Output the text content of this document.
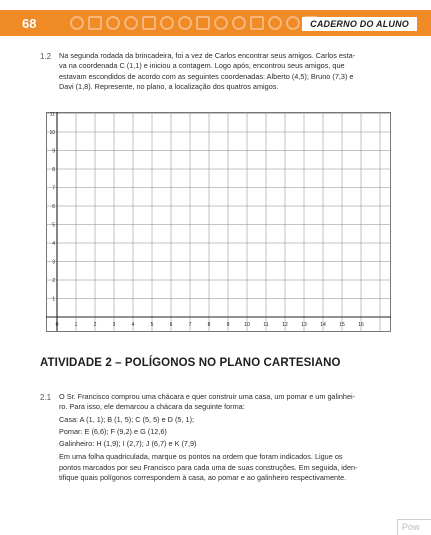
68	CADERNO DO ALUNO
1.2 Na segunda rodada da brincadeira, foi a vez de Carlos encontrar seus amigos. Carlos esta-
va na coordenada C (1,1) e iniciou a contagem. Logo após, encontrou seus amigos, que
estavam escondidos de acordo com as seguintes coordenadas: Alberto (4,5); Bruno (7,3) e
Davi (1,8). Represente, no plano, a localização dos quatros amigos.
0	1	2	3	4	5	6	7	8	9	10	11	12	13	14	15	16
1
2
3
4
5
6
7
8
9
10
11
ATIVIDADE 2 – POLÍGONOS NO PLANO CARTESIANO
2.1 O Sr. Francisco comprou uma chácara e quer construir uma casa, um pomar e um galinhei-
ro. Para isso, ele demarcou a chácara da seguinte forma:
Casa: A (1, 1); B (1, 5); C (5, 5) e D (5, 1);
Pomar: E (6,6); F (9,2) e G (12,6)
Galinheiro: H (1,9); I (2,7); J (6,7) e K (7,9)
Em uma folha quadriculada, marque os pontos na ordem que foram indicados. Ligue os
pontos marcados por seu Francisco para cada uma de suas construções. Em seguida, iden-
tifique quais polígonos correspondem à casa, ao pomar e ao galinheiro respectivamente.
Pow
